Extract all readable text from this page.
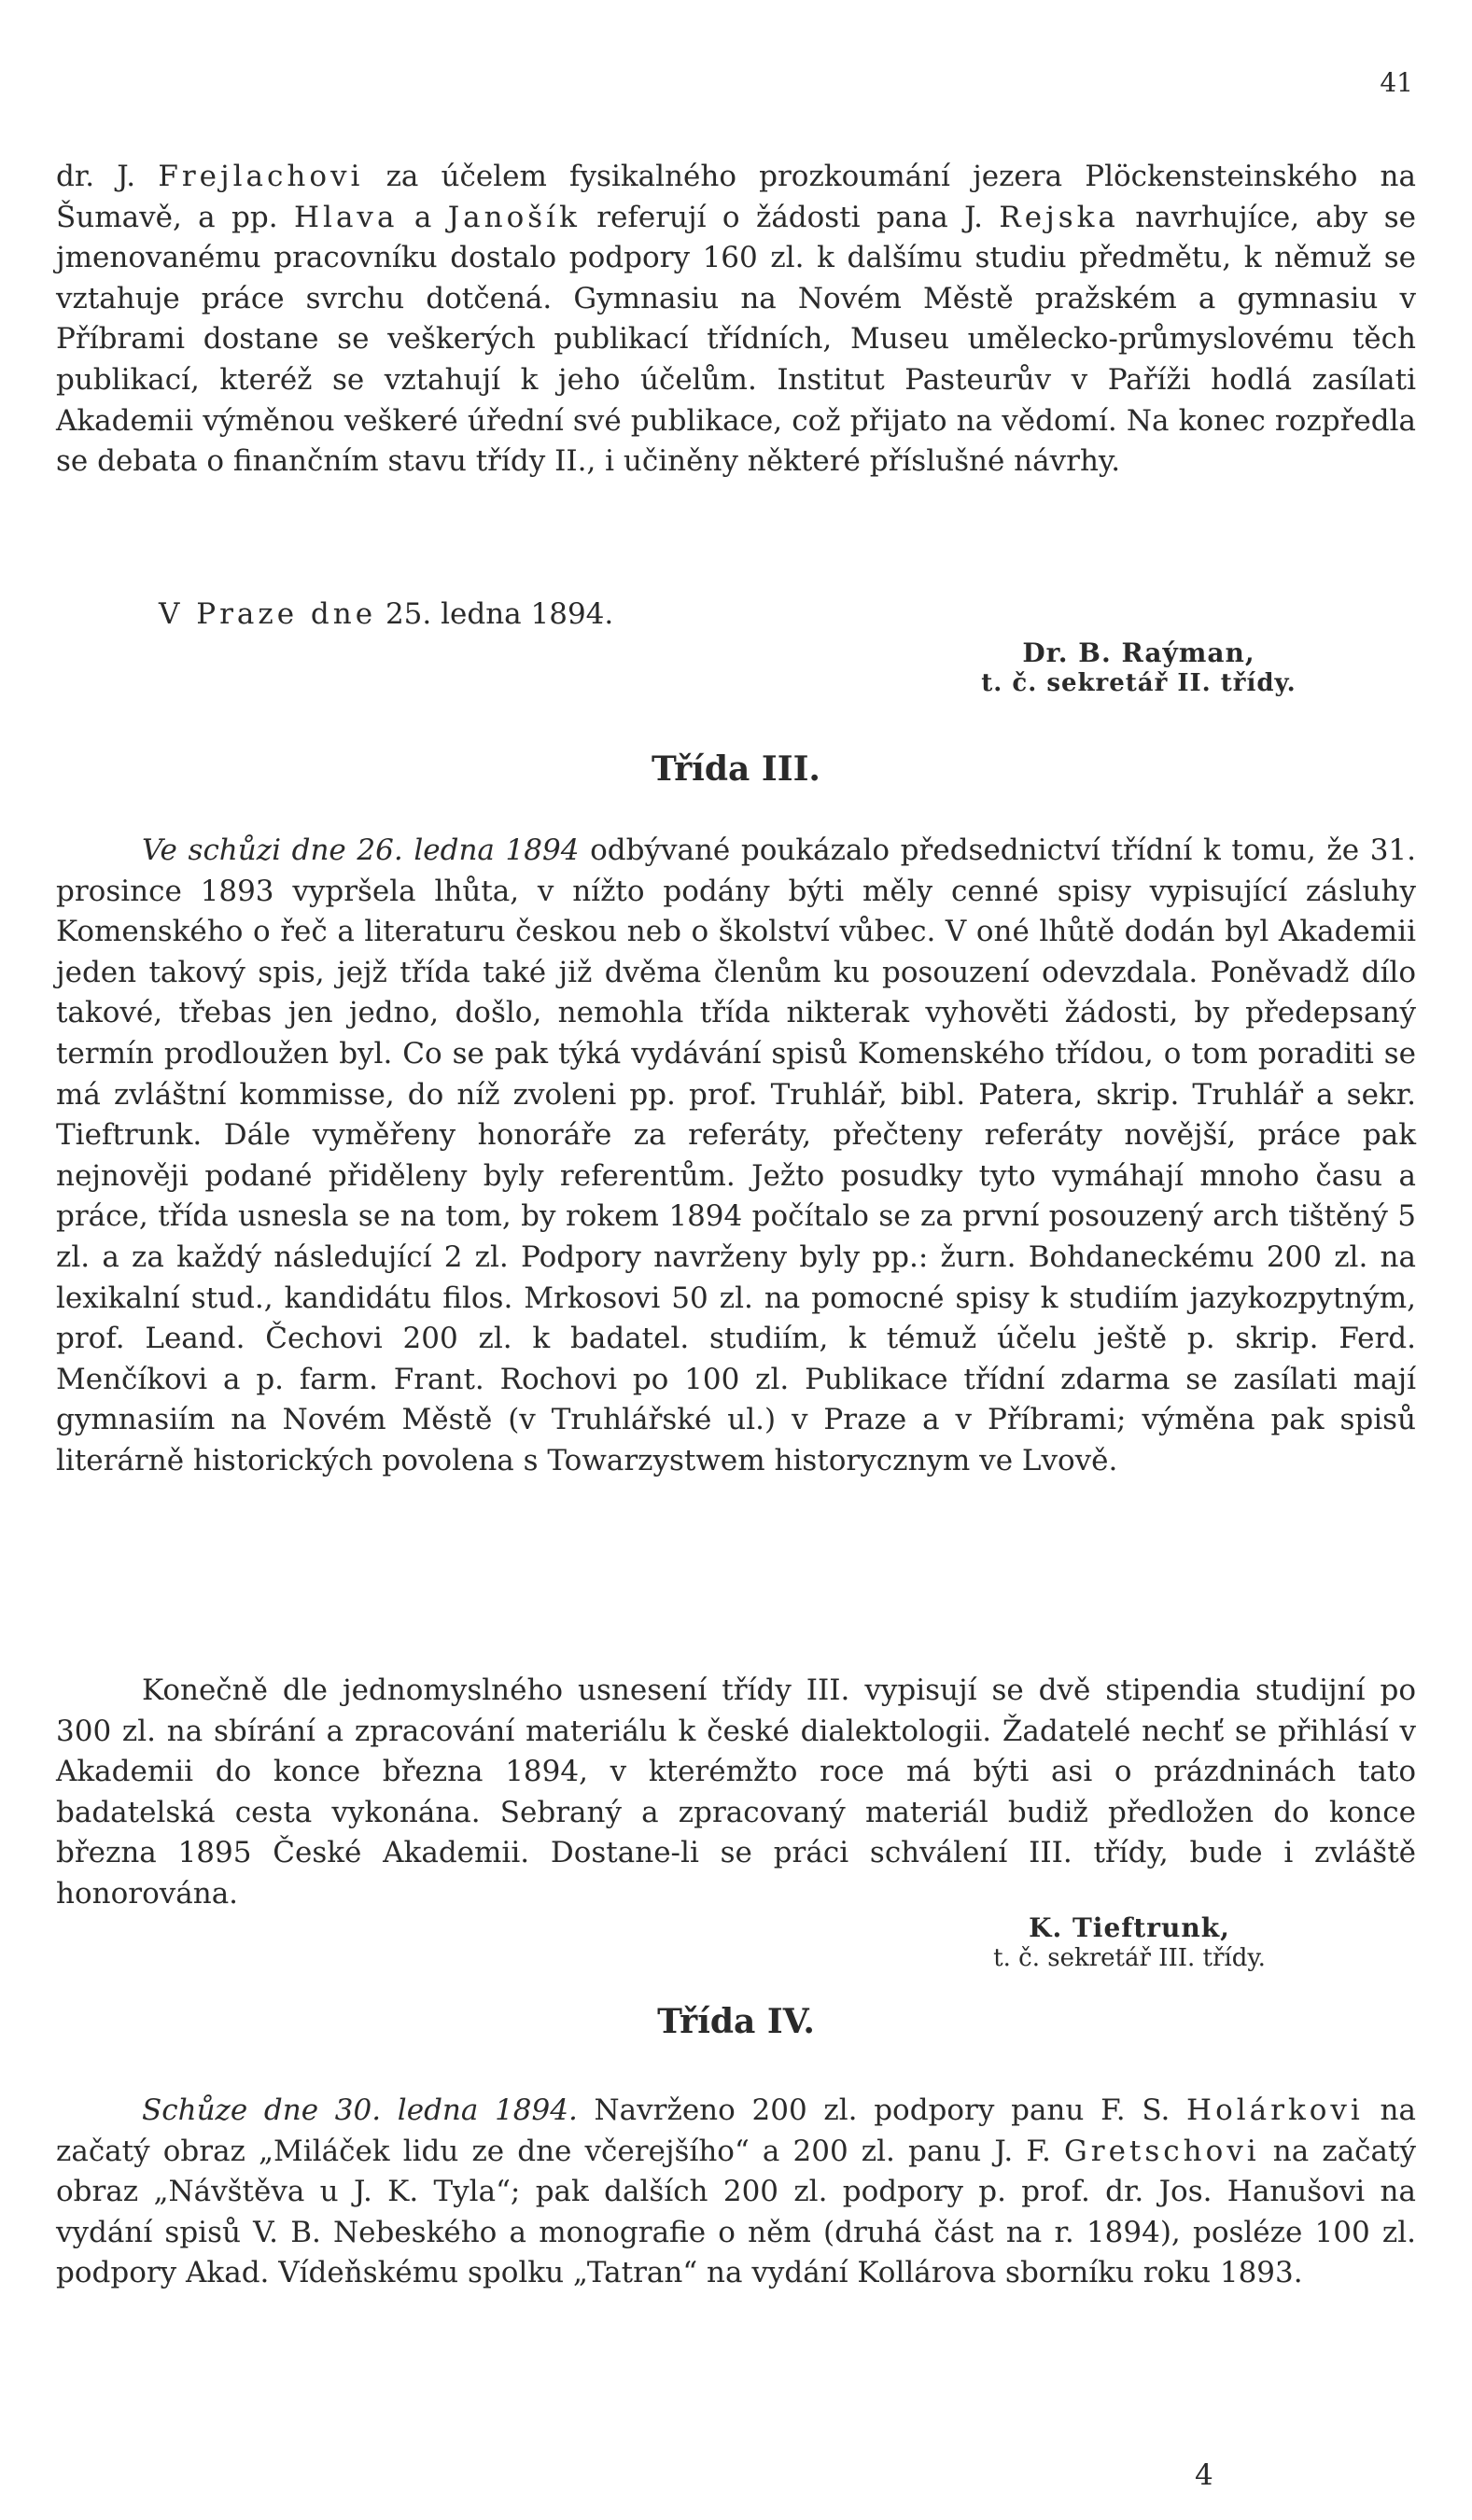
41

dr. J. Frejlachovi za účelem fysikalného prozkoumání jezera Plöckensteinského na Šumavě, a pp. Hlava a Janošík referují o žádosti pana J. Rejska navrhujíce, aby se jmenovanému pracovníku dostalo podpory 160 zl. k dalšímu studiu předmětu, k němuž se vztahuje práce svrchu dotčená. Gymnasiu na Novém Městě pražském a gymnasiu v Příbrami dostane se veškerých publikací třídních, Museu umělecko-průmyslovému těch publikací, kteréž se vztahují k jeho účelům. Institut Pasteurův v Paříži hodlá zasílati Akademii výměnou veškeré úřední své publikace, což přijato na vědomí. Na konec rozpředla se debata o finančním stavu třídy II., i učiněny některé příslušné návrhy.

V Praze dne 25. ledna 1894.
Dr. B. Raýman,
t. č. sekretář II. třídy.
Třída III.

Ve schůzi dne 26. ledna 1894 odbývané poukázalo předsednictví třídní k tomu, že 31. prosince 1893 vypršela lhůta, v nížto podány býti měly cenné spisy vypisující zásluhy Komenského o řeč a literaturu českou neb o školství vůbec. V oné lhůtě dodán byl Akademii jeden takový spis, jejž třída také již dvěma členům ku posouzení odevzdala. Poněvadž dílo takové, třebas jen jedno, došlo, nemohla třída nikterak vyhověti žádosti, by předepsaný termín prodloužen byl. Co se pak týká vydávání spisů Komenského třídou, o tom poraditi se má zvláštní kommisse, do níž zvoleni pp. prof. Truhlář, bibl. Patera, skrip. Truhlář a sekr. Tieftrunk. Dále vyměřeny honoráře za referáty, přečteny referáty novější, práce pak nejnověji podané přiděleny byly referentům. Ježto posudky tyto vymáhají mnoho času a práce, třída usnesla se na tom, by rokem 1894 počítalo se za první posouzený arch tištěný 5 zl. a za každý následující 2 zl. Podpory navrženy byly pp.: žurn. Bohdaneckému 200 zl. na lexikalní stud., kandidátu filos. Mrkosovi 50 zl. na pomocné spisy k studiím jazykozpytným, prof. Leand. Čechovi 200 zl. k badatel. studiím, k témuž účelu ještě p. skrip. Ferd. Menčíkovi a p. farm. Frant. Rochovi po 100 zl. Publikace třídní zdarma se zasílati mají gymnasiím na Novém Městě (v Truhlářské ul.) v Praze a v Příbrami; výměna pak spisů literárně historických povolena s Towarzystwem historycznym ve Lvově.

Konečně dle jednomyslného usnesení třídy III. vypisují se dvě stipendia studijní po 300 zl. na sbírání a zpracování materiálu k české dialektologii. Žadatelé nechť se přihlásí v Akademii do konce března 1894, v kterémžto roce má býti asi o prázdninách tato badatelská cesta vykonána. Sebraný a zpracovaný materiál budiž předložen do konce března 1895 České Akademii. Dostane-li se práci schválení III. třídy, bude i zvláště honorována.

K. Tieftrunk,
t. č. sekretář III. třídy.
Třída IV.

Schůze dne 30. ledna 1894. Navrženo 200 zl. podpory panu F. S. Holárkovi na začatý obraz „Miláček lidu ze dne včerejšího“ a 200 zl. panu J. F. Gretschovi na začatý obraz „Návštěva u J. K. Tyla“; pak dalších 200 zl. podpory p. prof. dr. Jos. Hanušovi na vydání spisů V. B. Nebeského a monografie o něm (druhá část na r. 1894), posléze 100 zl. podpory Akad. Vídeňskému spolku „Tatran“ na vydání Kollárova sborníku roku 1893.

4
